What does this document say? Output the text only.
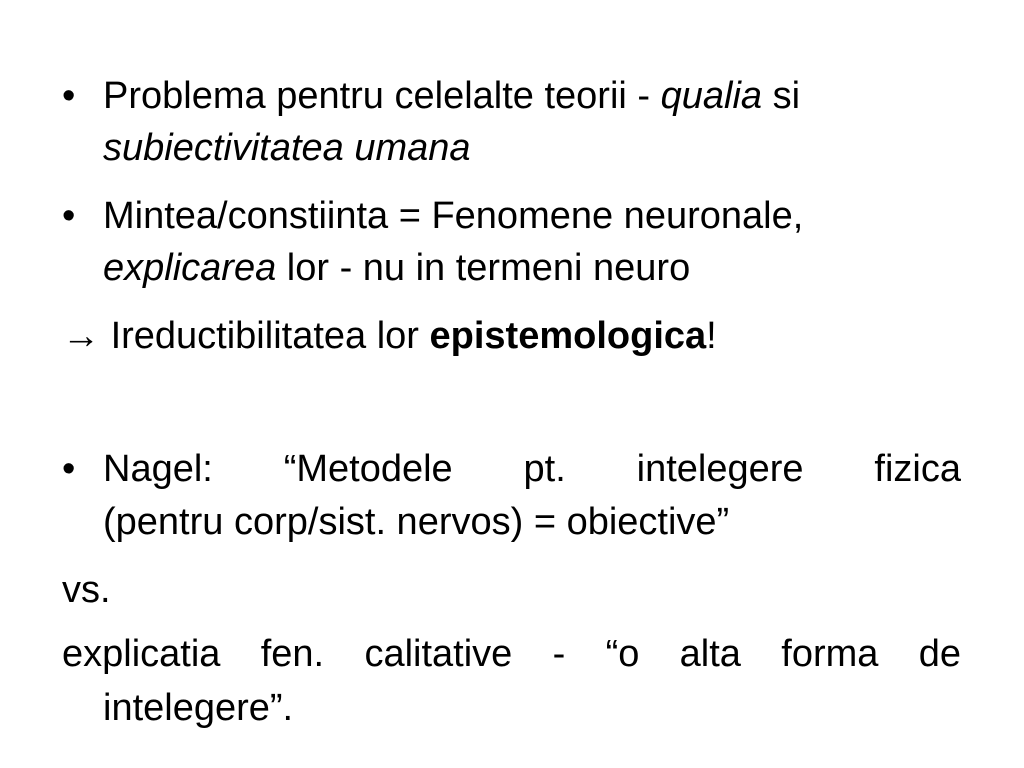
• Problema pentru celelalte teorii - qualia si
subiectivitatea umana
• Mintea/constiinta = Fenomene neuronale,
explicarea lor - nu in termeni neuro
→ Ireductibilitatea lor epistemologica!
• Nagel: “Metodele pt. intelegere fizica
(pentru corp/sist. nervos) = obiective”
vs.
explicatia fen. calitative - “o alta forma de
intelegere”.
